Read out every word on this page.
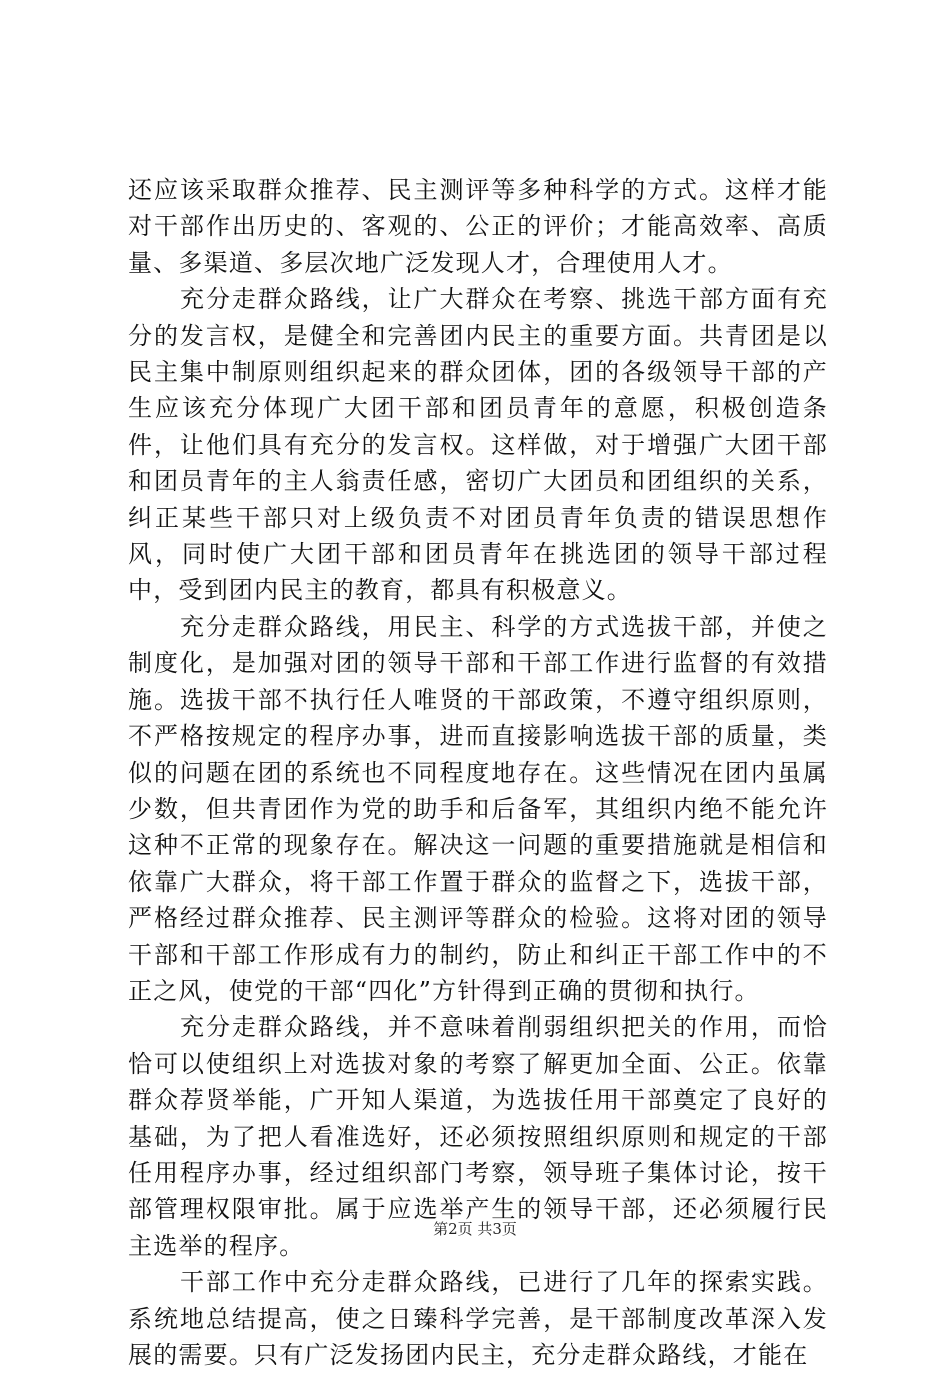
还应该采取群众推荐、民主测评等多种科学的方式。这样才能对干部作出历史的、客观的、公正的评价；才能高效率、高质量、多渠道、多层次地广泛发现人才，合理使用人才。

充分走群众路线，让广大群众在考察、挑选干部方面有充分的发言权，是健全和完善团内民主的重要方面。共青团是以民主集中制原则组织起来的群众团体，团的各级领导干部的产生应该充分体现广大团干部和团员青年的意愿，积极创造条件，让他们具有充分的发言权。这样做，对于增强广大团干部和团员青年的主人翁责任感，密切广大团员和团组织的关系，纠正某些干部只对上级负责不对团员青年负责的错误思想作风，同时使广大团干部和团员青年在挑选团的领导干部过程中，受到团内民主的教育，都具有积极意义。

充分走群众路线，用民主、科学的方式选拔干部，并使之制度化，是加强对团的领导干部和干部工作进行监督的有效措施。选拔干部不执行任人唯贤的干部政策，不遵守组织原则，不严格按规定的程序办事，进而直接影响选拔干部的质量，类似的问题在团的系统也不同程度地存在。这些情况在团内虽属少数，但共青团作为党的助手和后备军，其组织内绝不能允许这种不正常的现象存在。解决这一问题的重要措施就是相信和依靠广大群众，将干部工作置于群众的监督之下，选拔干部，严格经过群众推荐、民主测评等群众的检验。这将对团的领导干部和干部工作形成有力的制约，防止和纠正干部工作中的不正之风，使党的干部“四化”方针得到正确的贯彻和执行。

充分走群众路线，并不意味着削弱组织把关的作用，而恰恰可以使组织上对选拔对象的考察了解更加全面、公正。依靠群众荐贤举能，广开知人渠道，为选拔任用干部奠定了良好的基础，为了把人看准选好，还必须按照组织原则和规定的干部任用程序办事，经过组织部门考察，领导班子集体讨论，按干部管理权限审批。属于应选举产生的领导干部，还必须履行民主选举的程序。

干部工作中充分走群众路线，已进行了几年的探索实践。系统地总结提高，使之日臻科学完善，是干部制度改革深入发展的需要。只有广泛发扬团内民主，充分走群众路线，才能在

第2页 共3页
